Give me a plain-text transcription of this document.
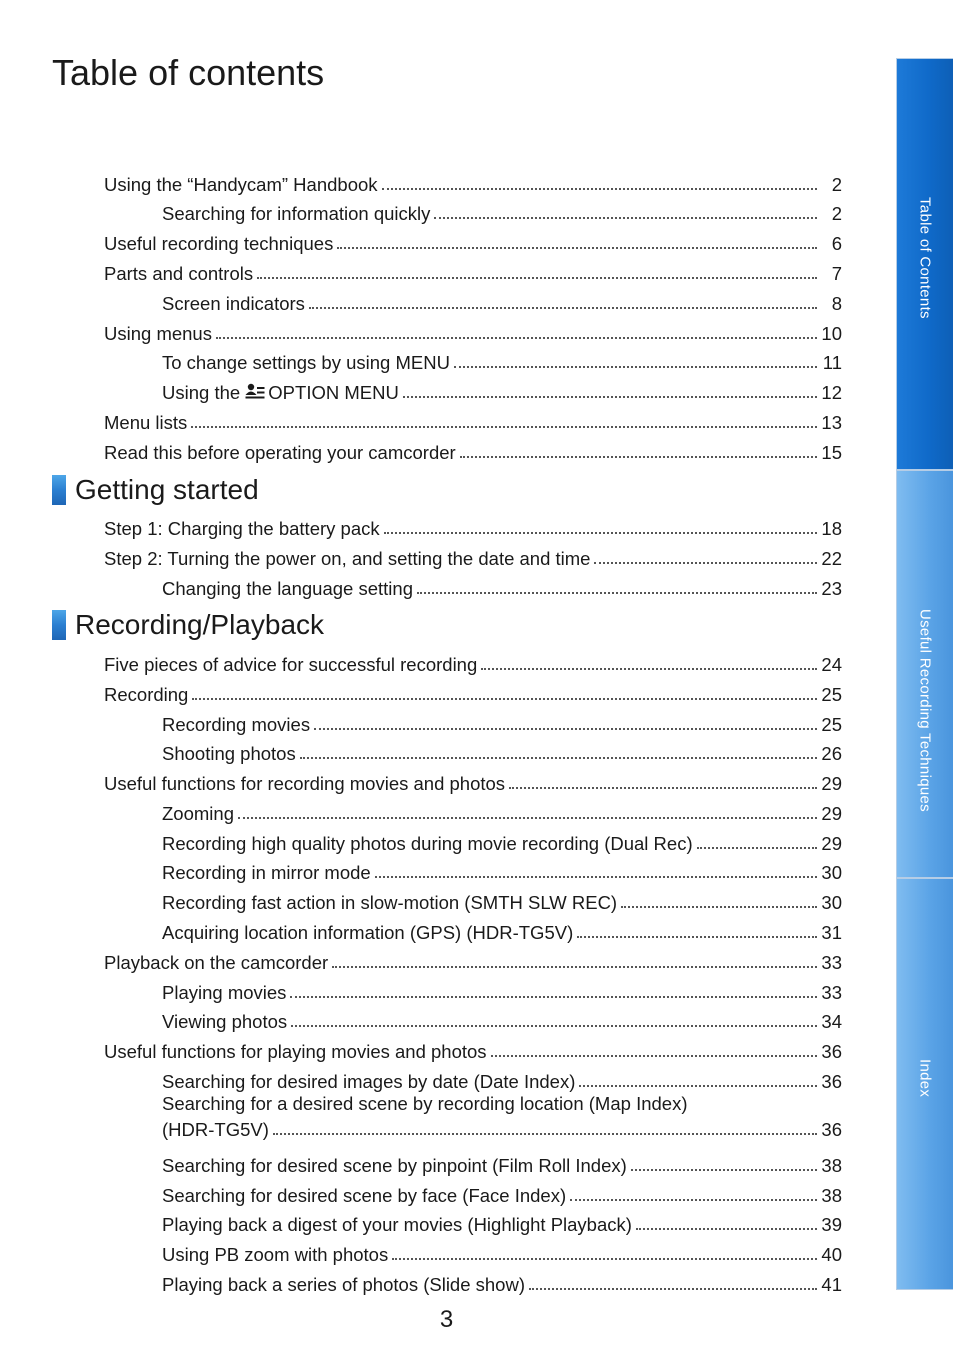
Table of contents
Using the “Handycam” Handbook	2
Searching for information quickly	2
Useful recording techniques	6
Parts and controls	7
Screen indicators	8
Using menus	10
To change settings by using MENU	11
Using the OPTION MENU	12
Menu lists	13
Read this before operating your camcorder	15
Getting started
Step 1: Charging the battery pack	18
Step 2: Turning the power on, and setting the date and time	22
Changing the language setting	23
Recording/Playback
Five pieces of advice for successful recording	24
Recording	25
Recording movies	25
Shooting photos	26
Useful functions for recording movies and photos	29
Zooming	29
Recording high quality photos during movie recording (Dual Rec)	29
Recording in mirror mode	30
Recording fast action in slow-motion (SMTH SLW REC)	30
Acquiring location information (GPS) (HDR-TG5V)	31
Playback on the camcorder	33
Playing movies	33
Viewing photos	34
Useful functions for playing movies and photos	36
Searching for desired images by date (Date Index)	36
Searching for a desired scene by recording location (Map Index)
(HDR-TG5V)	36
Searching for desired scene by pinpoint (Film Roll Index)	38
Searching for desired scene by face (Face Index)	38
Playing back a digest of your movies (Highlight Playback)	39
Using PB zoom with photos	40
Playing back a series of photos (Slide show)	41
Table of Contents
Useful Recording Techniques
Index
3
